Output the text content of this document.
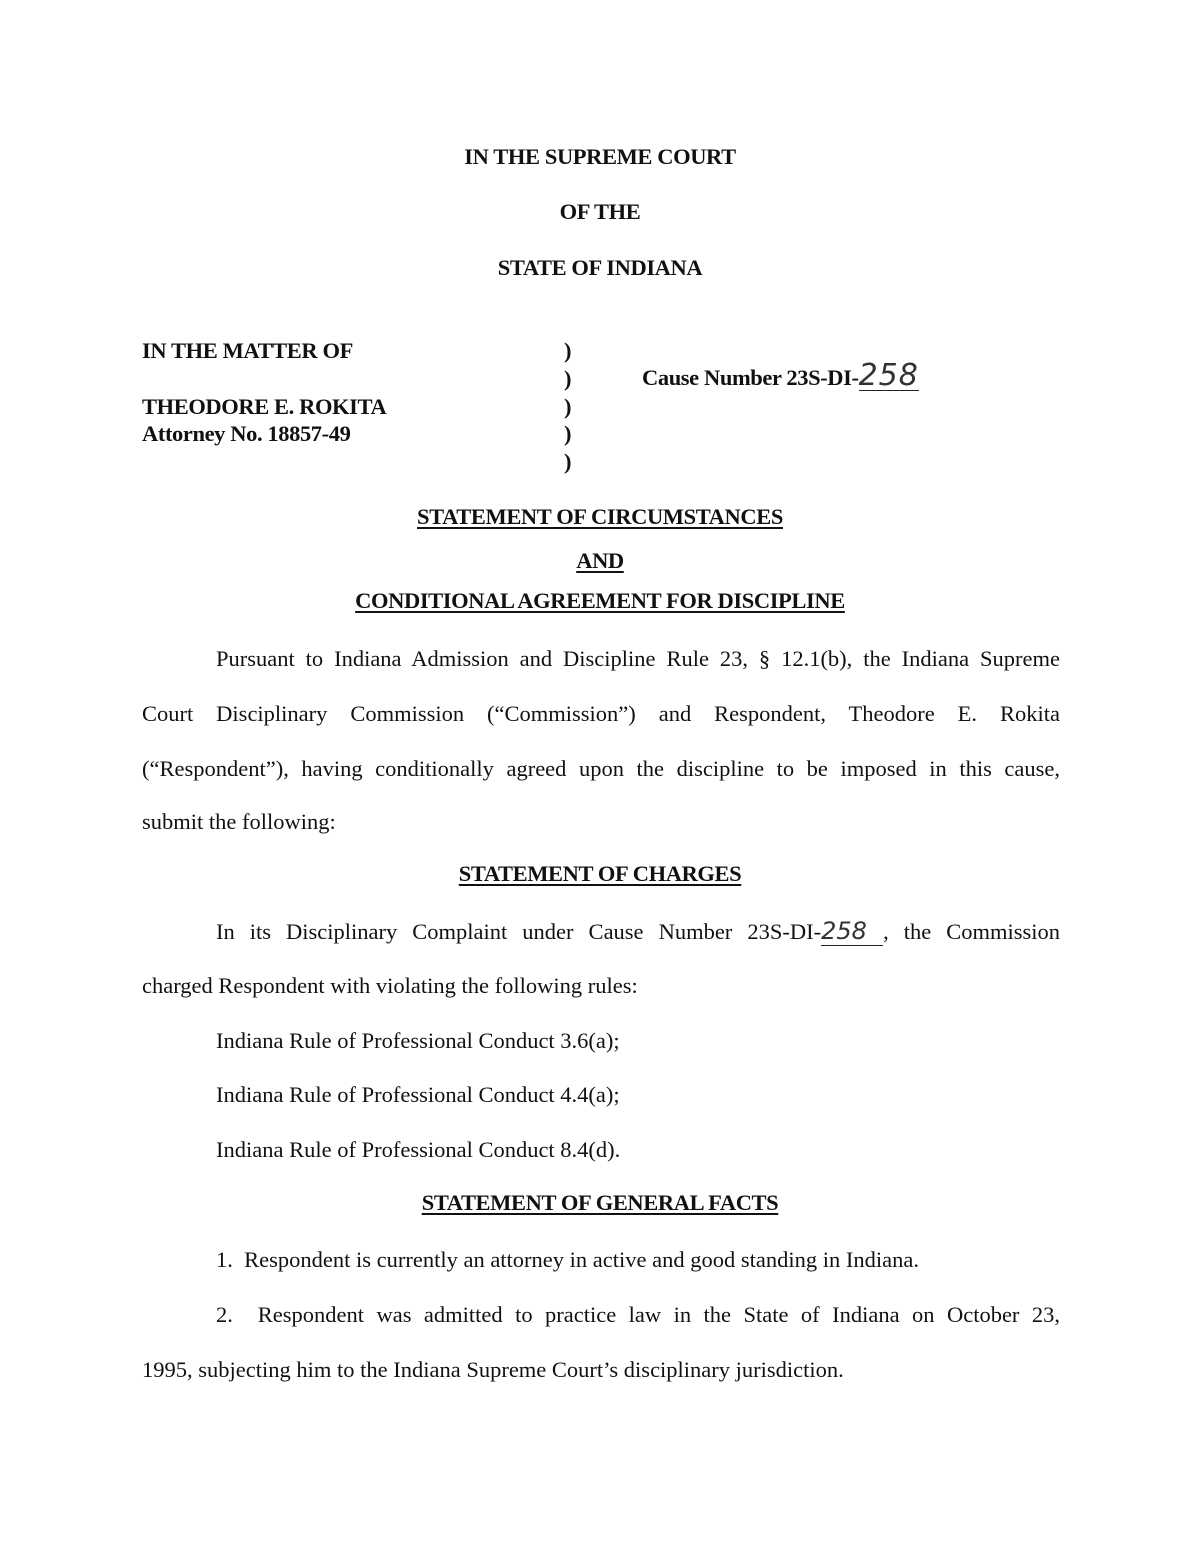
IN THE SUPREME COURT
OF THE
STATE OF INDIANA
IN THE MATTER OF
THEODORE E. ROKITA
Attorney No. 18857-49
)
)
)
)
)
Cause Number 23S-DI-258
STATEMENT OF CIRCUMSTANCES
AND
CONDITIONAL AGREEMENT FOR DISCIPLINE
Pursuant to Indiana Admission and Discipline Rule 23, § 12.1(b), the Indiana Supreme
Court Disciplinary Commission (“Commission”) and Respondent, Theodore E. Rokita
(“Respondent”), having conditionally agreed upon the discipline to be imposed in this cause,
submit the following:
STATEMENT OF CHARGES
In its Disciplinary Complaint under Cause Number 23S-DI-258 , the Commission
charged Respondent with violating the following rules:
Indiana Rule of Professional Conduct 3.6(a);
Indiana Rule of Professional Conduct 4.4(a);
Indiana Rule of Professional Conduct 8.4(d).
STATEMENT OF GENERAL FACTS
1.  Respondent is currently an attorney in active and good standing in Indiana.
2.  Respondent was admitted to practice law in the State of Indiana on October 23,
1995, subjecting him to the Indiana Supreme Court’s disciplinary jurisdiction.
